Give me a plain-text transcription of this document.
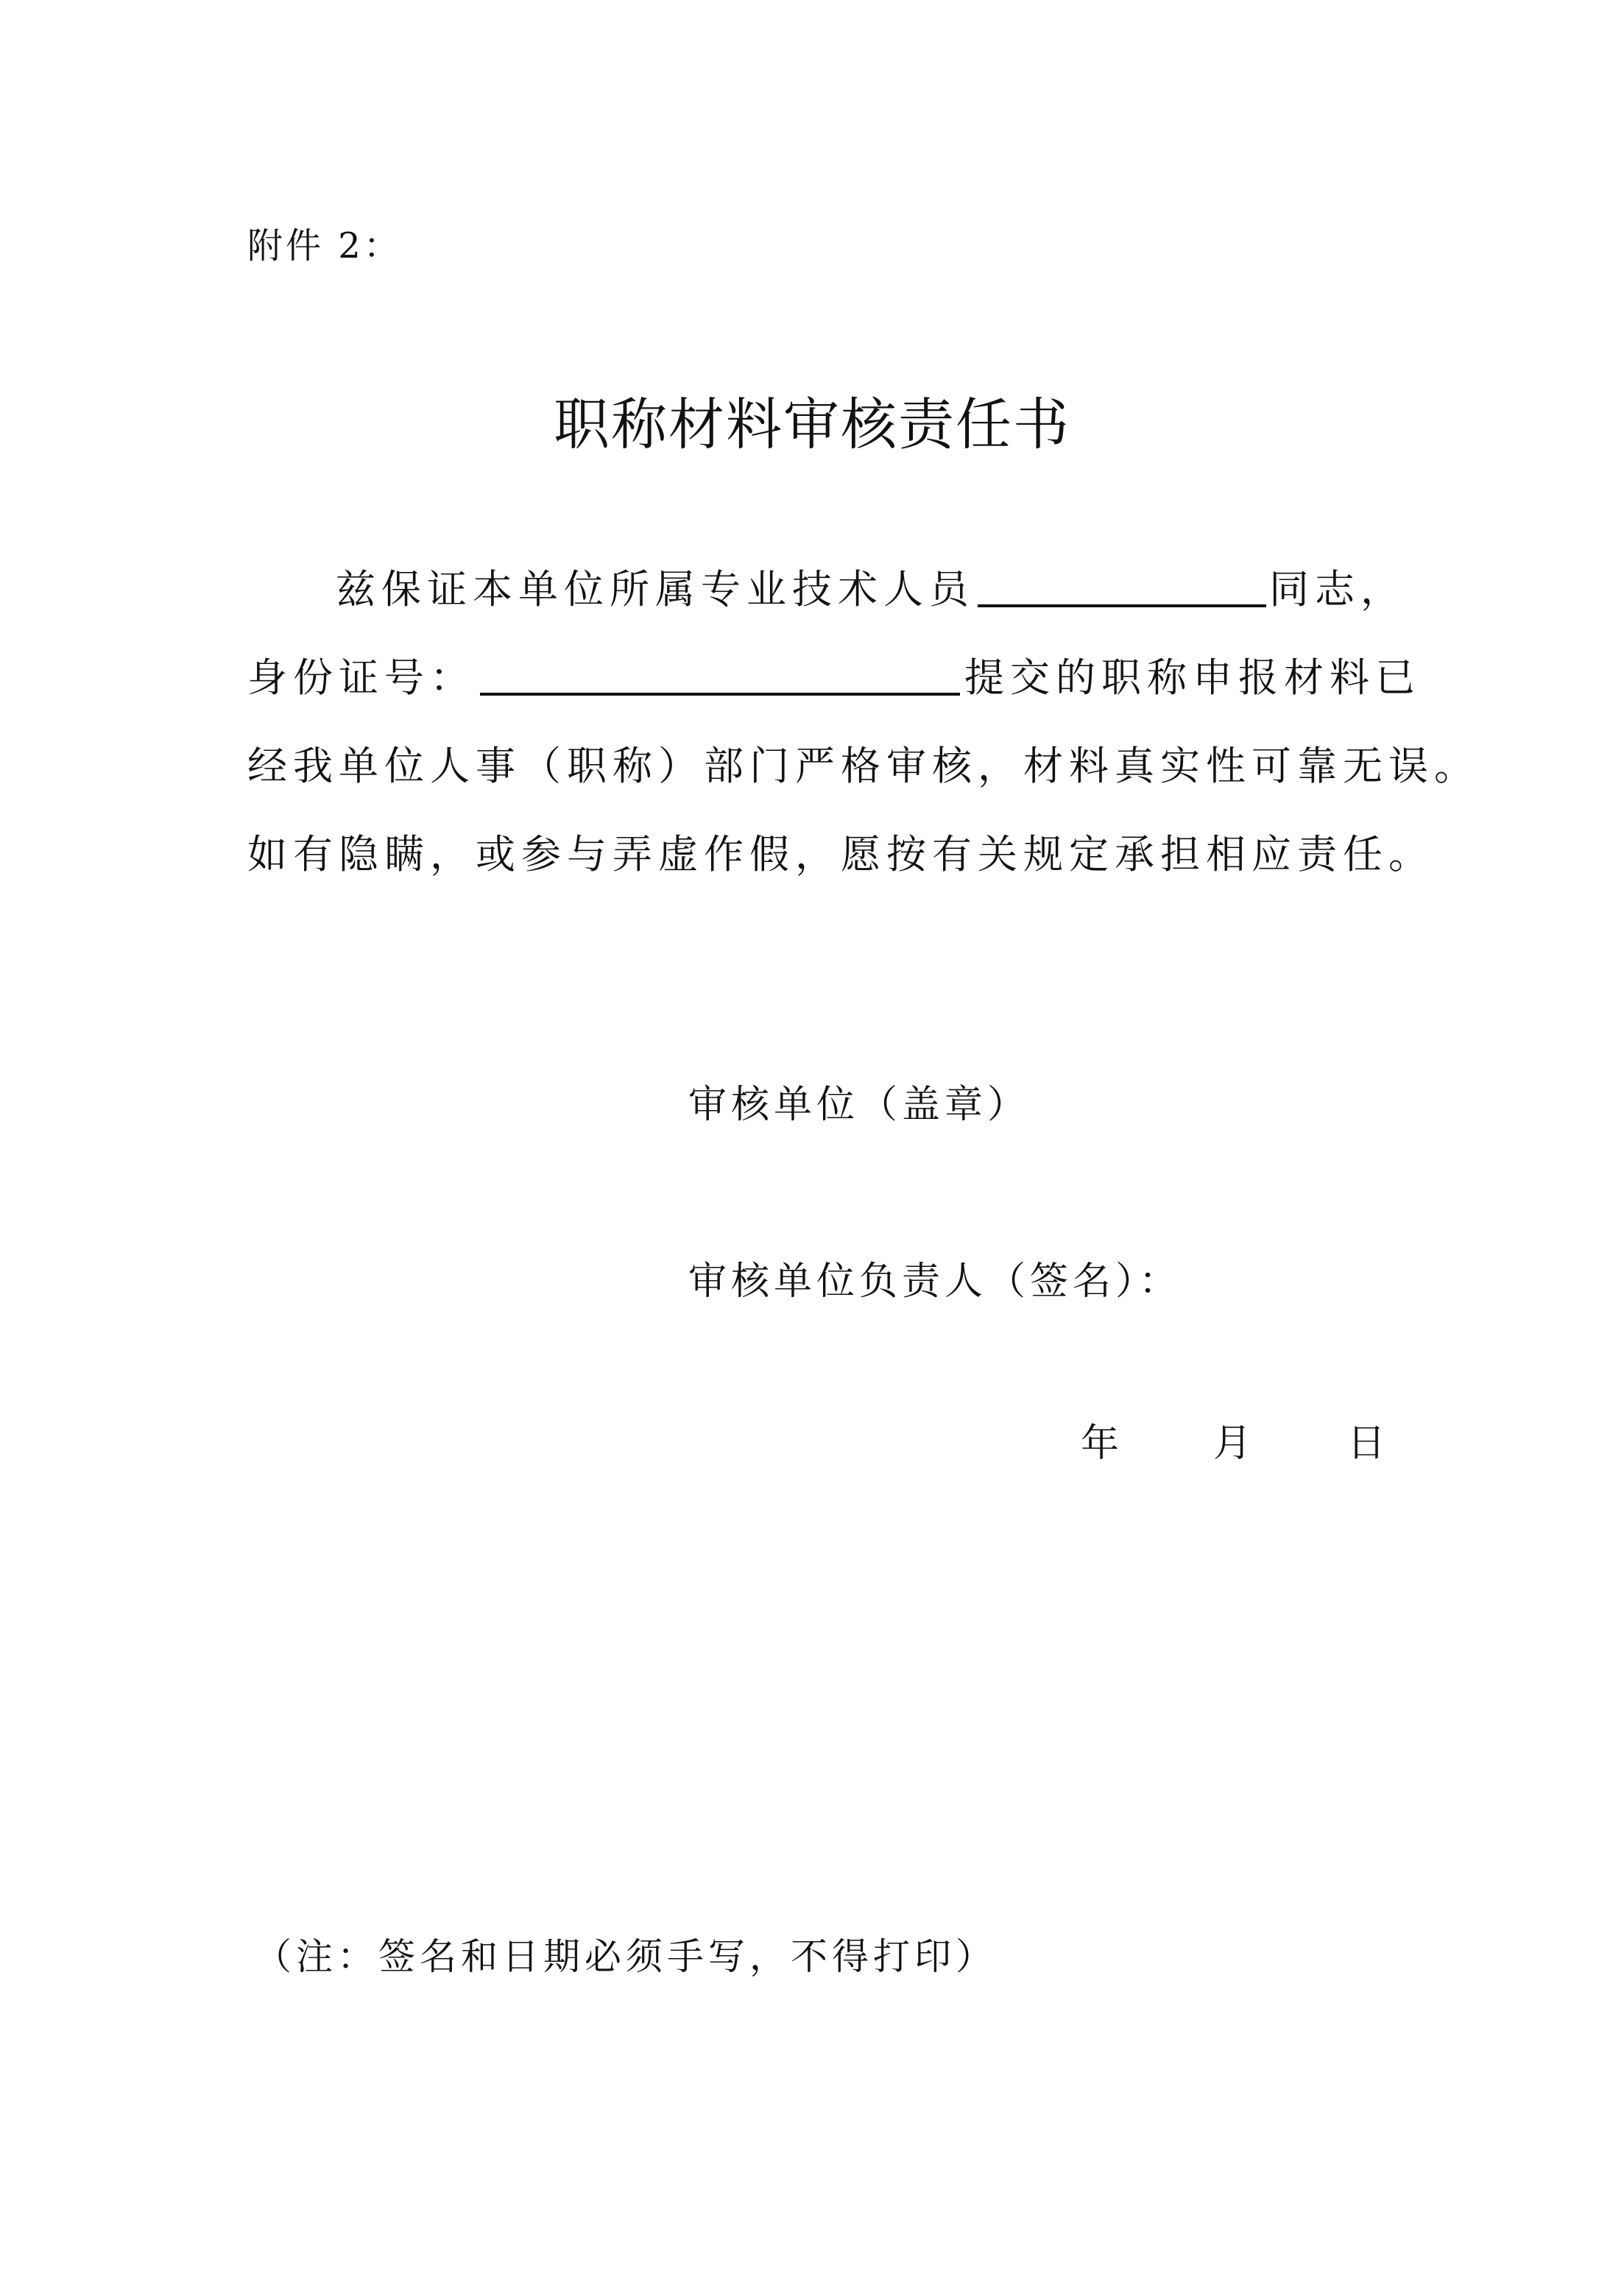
附件 2：
职称材料审核责任书
兹保证本单位所属专业技术人员	同志，
身份证号：	提交的职称申报材料已
经我单位人事（职称）部门严格审核，材料真实性可靠无误。
如有隐瞒，或参与弄虚作假，愿按有关规定承担相应责任。
审核单位（盖章）
审核单位负责人（签名）：
年 月 日
（注：签名和日期必须手写，不得打印）
